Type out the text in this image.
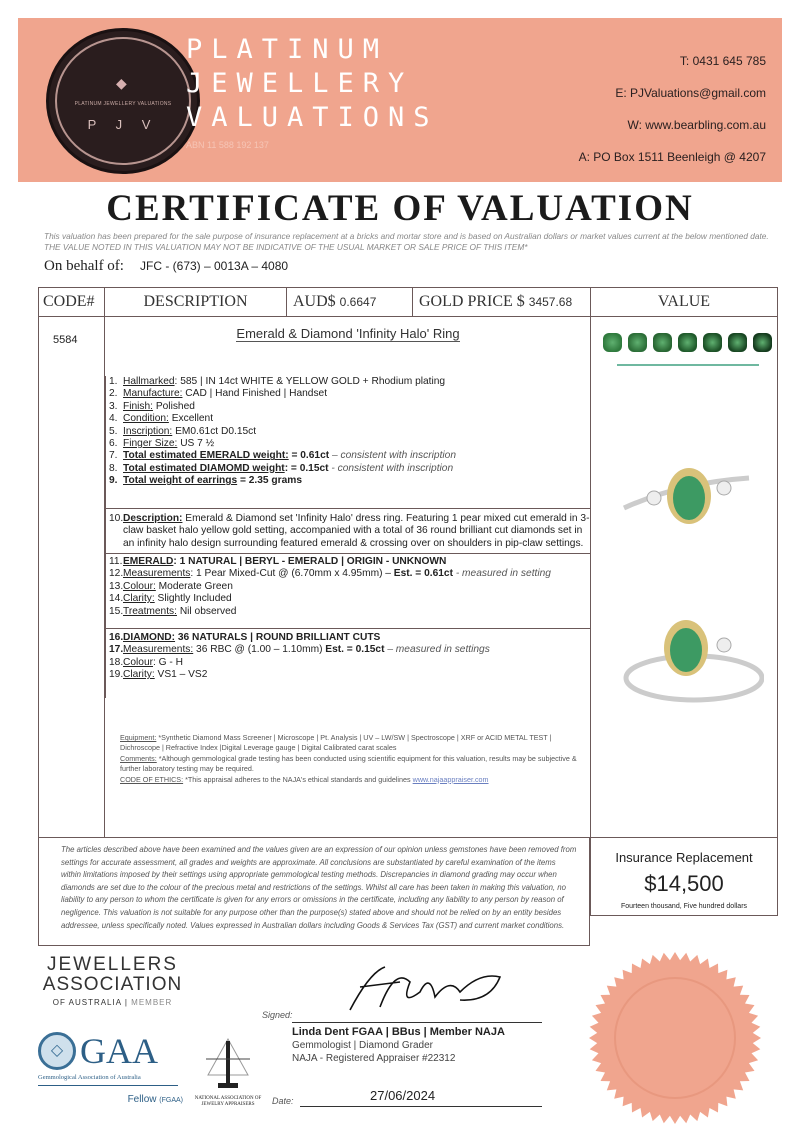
◆
PLATINUM JEWELLERY VALUATIONS
P J V
PLATINUM
JEWELLERY
VALUATIONS
ABN 11 588 192 137
T: 0431 645 785
E: PJValuations@gmail.com
W: www.bearbling.com.au
A: PO Box 1511 Beenleigh @ 4207
CERTIFICATE OF VALUATION
This valuation has been prepared for the sale purpose of insurance replacement at a bricks and mortar store and is based on Australian dollars or market values current at the below mentioned date.
THE VALUE NOTED IN THIS VALUATION MAY NOT BE INDICATIVE OF THE USUAL MARKET OR SALE PRICE OF THIS ITEM*
On behalf of: JFC - (673) – 0013A – 4080
CODE#	DESCRIPTION	AUD$ 0.6647	GOLD PRICE $ 3457.68	VALUE
5584	Emerald & Diamond 'Infinity Halo' Ring
1. Hallmarked: 585 | IN 14ct WHITE & YELLOW GOLD + Rhodium plating
2. Manufacture: CAD | Hand Finished | Handset
3. Finish: Polished
4. Condition: Excellent
5. Inscription: EM0.61ct D0.15ct
6. Finger Size: US 7 ½
7. Total estimated EMERALD weight: = 0.61ct – consistent with inscription
8. Total estimated DIAMOMD weight: = 0.15ct - consistent with inscription
9. Total weight of earrings = 2.35 grams
10. Description: Emerald & Diamond set 'Infinity Halo' dress ring. Featuring 1 pear mixed cut emerald in 3-claw basket halo yellow gold setting, accompanied with a total of 36 round brilliant cut diamonds set in an infinity halo design surrounding featured emerald & crossing over on shoulders in pip-claw settings.
11. EMERALD: 1 NATURAL | BERYL - EMERALD | ORIGIN - UNKNOWN
12. Measurements: 1 Pear Mixed-Cut @ (6.70mm x 4.95mm) – Est. = 0.61ct - measured in setting
13. Colour: Moderate Green
14. Clarity: Slightly Included
15. Treatments: Nil observed
16. DIAMOND: 36 NATURALS | ROUND BRILLIANT CUTS
17. Measurements: 36 RBC @ (1.00 – 1.10mm) Est. = 0.15ct – measured in settings
18. Colour: G - H
19. Clarity: VS1 – VS2
Equipment: *Synthetic Diamond Mass Screener | Microscope | Pt. Analysis | UV – LW/SW | Spectroscope | XRF or ACID METAL TEST | Dichroscope | Refractive Index |Digital Leverage gauge | Digital Calibrated carat scales
Comments: *Although gemmological grade testing has been conducted using scientific equipment for this valuation, results may be subjective & further laboratory testing may be required.
CODE OF ETHICS: *This appraisal adheres to the NAJA's ethical standards and guidelines www.najaappraiser.com
The articles described above have been examined and the values given are an expression of our opinion unless gemstones have been removed from settings for accurate assessment, all grades and weights are approximate. All conclusions are substantiated by careful examination of the items within limitations imposed by their settings using appropriate gemmological testing methods. Discrepancies in diamond grading may occur when diamonds are set due to the colour of the precious metal and restrictions of the settings. Whilst all care has been taken in making this valuation, no liability to any person to whom the certificate is given for any errors or omissions in the certificate, including any liability to any person by reason of negligence. This valuation is not suitable for any purpose other than the purpose(s) stated above and should not be relied on by an entity besides addressee, unless specifically noted. Values expressed in Australian dollars including Goods & Services Tax (GST) and current market conditions.
Insurance Replacement
$14,500
Fourteen thousand, Five hundred dollars
JEWELLERS
ASSOCIATION
OF AUSTRALIA | MEMBER
◇ GAA
Gemmological Association of Australia
Fellow (FGAA)	NATIONAL ASSOCIATION OF JEWELRY APPRAISERS
Signed:
Linda Dent FGAA | BBus | Member NAJA
Gemmologist | Diamond Grader
NAJA - Registered Appraiser #22312
Date:	27/06/2024
